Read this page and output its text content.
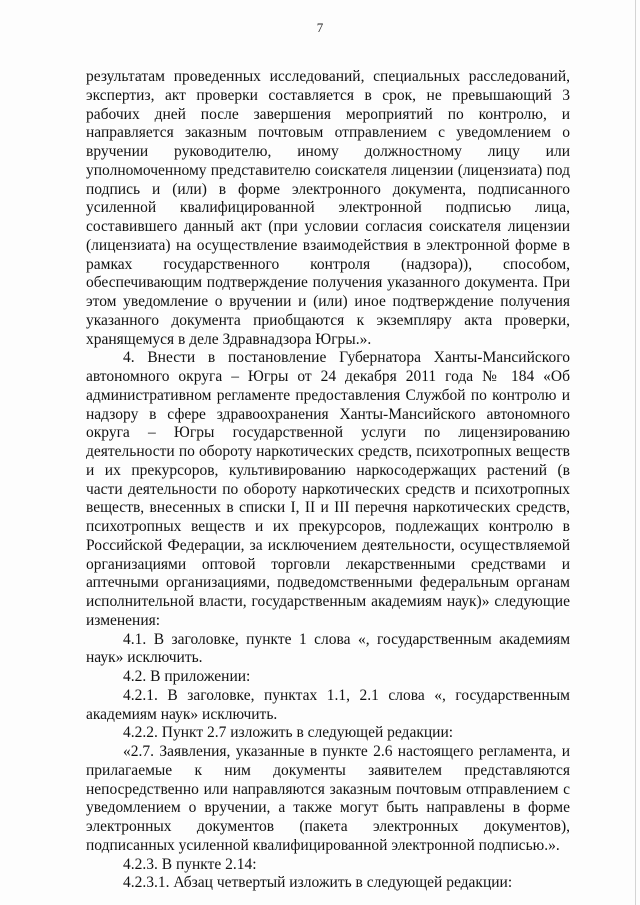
7

результатам проведенных исследований, специальных расследований, экспертиз, акт проверки составляется в срок, не превышающий 3 рабочих дней после завершения мероприятий по контролю, и направляется заказным почтовым отправлением с уведомлением о вручении руководителю, иному должностному лицу или уполномоченному представителю соискателя лицензии (лицензиата) под подпись и (или) в форме электронного документа, подписанного усиленной квалифицированной электронной подписью лица, составившего данный акт (при условии согласия соискателя лицензии (лицензиата) на осуществление взаимодействия в электронной форме в рамках государственного контроля (надзора)), способом, обеспечивающим подтверждение получения указанного документа. При этом уведомление о вручении и (или) иное подтверждение получения указанного документа приобщаются к экземпляру акта проверки, хранящемуся в деле Здравнадзора Югры.».

4. Внести в постановление Губернатора Ханты-Мансийского автономного округа – Югры от 24 декабря 2011 года № 184 «Об административном регламенте предоставления Службой по контролю и надзору в сфере здравоохранения Ханты-Мансийского автономного округа – Югры государственной услуги по лицензированию деятельности по обороту наркотических средств, психотропных веществ и их прекурсоров, культивированию наркосодержащих растений (в части деятельности по обороту наркотических средств и психотропных веществ, внесенных в списки I, II и III перечня наркотических средств, психотропных веществ и их прекурсоров, подлежащих контролю в Российской Федерации, за исключением деятельности, осуществляемой организациями оптовой торговли лекарственными средствами и аптечными организациями, подведомственными федеральным органам исполнительной власти, государственным академиям наук)» следующие изменения:

4.1. В заголовке, пункте 1 слова «, государственным академиям наук» исключить.

4.2. В приложении:

4.2.1. В заголовке, пунктах 1.1, 2.1 слова «, государственным академиям наук» исключить.

4.2.2. Пункт 2.7 изложить в следующей редакции:

«2.7. Заявления, указанные в пункте 2.6 настоящего регламента, и прилагаемые к ним документы заявителем представляются непосредственно или направляются заказным почтовым отправлением с уведомлением о вручении, а также могут быть направлены в форме электронных документов (пакета электронных документов), подписанных усиленной квалифицированной электронной подписью.».

4.2.3. В пункте 2.14:

4.2.3.1. Абзац четвертый изложить в следующей редакции:
